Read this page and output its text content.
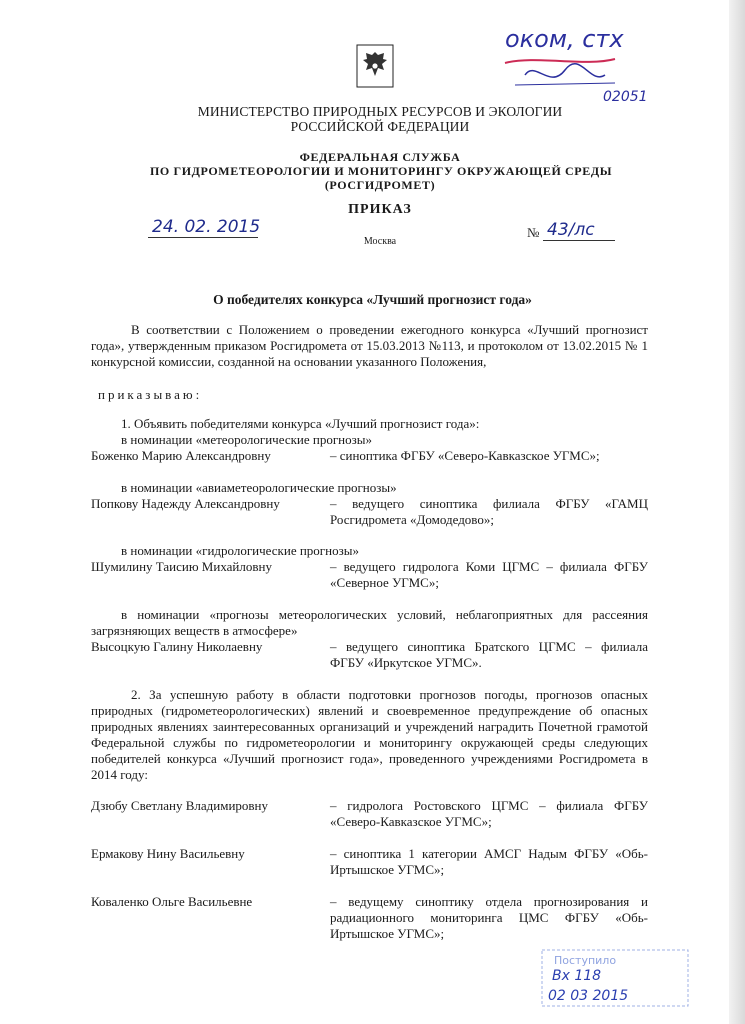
оком, стх
02051
МИНИСТЕРСТВО ПРИРОДНЫХ РЕСУРСОВ И ЭКОЛОГИИ
РОССИЙСКОЙ ФЕДЕРАЦИИ
ФЕДЕРАЛЬНАЯ СЛУЖБА
ПО ГИДРОМЕТЕОРОЛОГИИ И МОНИТОРИНГУ ОКРУЖАЮЩЕЙ СРЕДЫ
(РОСГИДРОМЕТ)
ПРИКАЗ
24. 02. 2015
Москва
№ 43/лс
О победителях конкурса «Лучший прогнозист года»
В соответствии с Положением о проведении ежегодного конкурса «Лучший прогнозист года», утвержденным приказом Росгидромета от 15.03.2013 №113, и протоколом от 13.02.2015 № 1 конкурсной комиссии, созданной на основании указанного Положения,
приказываю:
1. Объявить победителями конкурса «Лучший прогнозист года»:
в номинации «метеорологические прогнозы»
Боженко Марию Александровну	– синоптика ФГБУ «Северо-Кавказское УГМС»;
в номинации «авиаметеорологические прогнозы»
Попкову Надежду Александровну	– ведущего синоптика филиала ФГБУ «ГАМЦ Росгидромета «Домодедово»;
в номинации «гидрологические прогнозы»
Шумилину Таисию Михайловну	– ведущего гидролога Коми ЦГМС – филиала ФГБУ «Северное УГМС»;
в номинации «прогнозы метеорологических условий, неблагоприятных для рассеяния загрязняющих веществ в атмосфере»
Высоцкую Галину Николаевну	– ведущего синоптика Братского ЦГМС – филиала ФГБУ «Иркутское УГМС».
2. За успешную работу в области подготовки прогнозов погоды, прогнозов опасных природных (гидрометеорологических) явлений и своевременное предупреждение об опасных природных явлениях заинтересованных организаций и учреждений наградить Почетной грамотой Федеральной службы по гидрометеорологии и мониторингу окружающей среды следующих победителей конкурса «Лучший прогнозист года», проведенного учреждениями Росгидромета в 2014 году:
Дзюбу Светлану Владимировну	– гидролога Ростовского ЦГМС – филиала ФГБУ «Северо-Кавказское УГМС»;
Ермакову Нину Васильевну	– синоптика 1 категории АМСГ Надым ФГБУ «Обь-Иртышское УГМС»;
Коваленко Ольге Васильевне	– ведущему синоптику отдела прогнозирования и радиационного мониторинга ЦМС ФГБУ «Обь-Иртышское УГМС»;
Поступило
Вх 118
02 03 2015
